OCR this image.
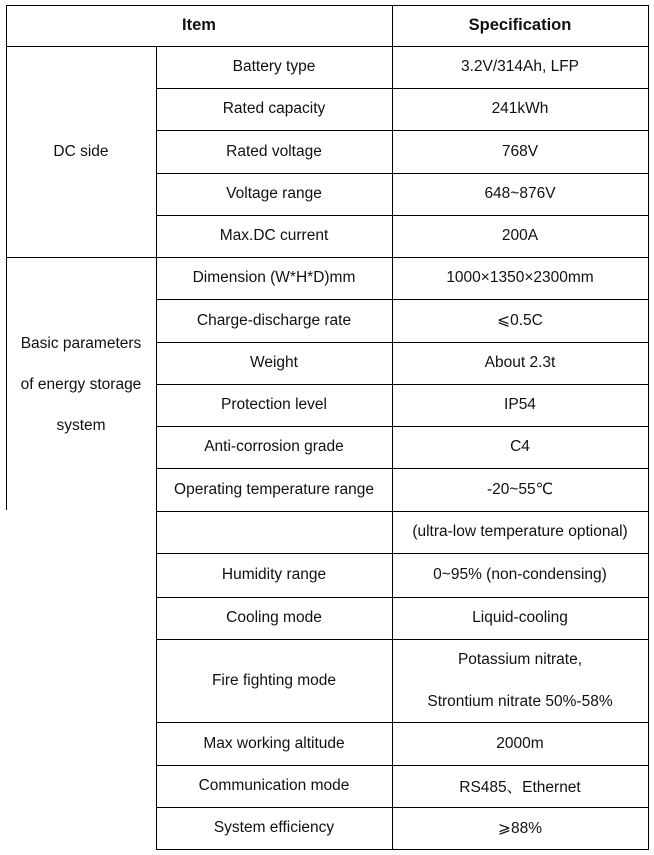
Item	Specification
DC side
Basic parameters
of energy storage
system
Battery type
Rated capacity
Rated voltage
Voltage range
Max.DC current
Dimension (W*H*D)mm
Charge-discharge rate
Weight
Protection level
Anti-corrosion grade
Operating temperature range
Humidity range
Cooling mode
Fire fighting mode
Max working altitude
Communication mode
System efficiency
3.2V/314Ah, LFP
241kWh
768V
648~876V
200A
1000×1350×2300mm
⩽0.5C
About 2.3t
IP54
C4
-20~55℃
(ultra-low temperature optional)
0~95% (non-condensing)
Liquid-cooling
Potassium nitrate,
Strontium nitrate 50%-58%
2000m
RS485、Ethernet
⩾88%
